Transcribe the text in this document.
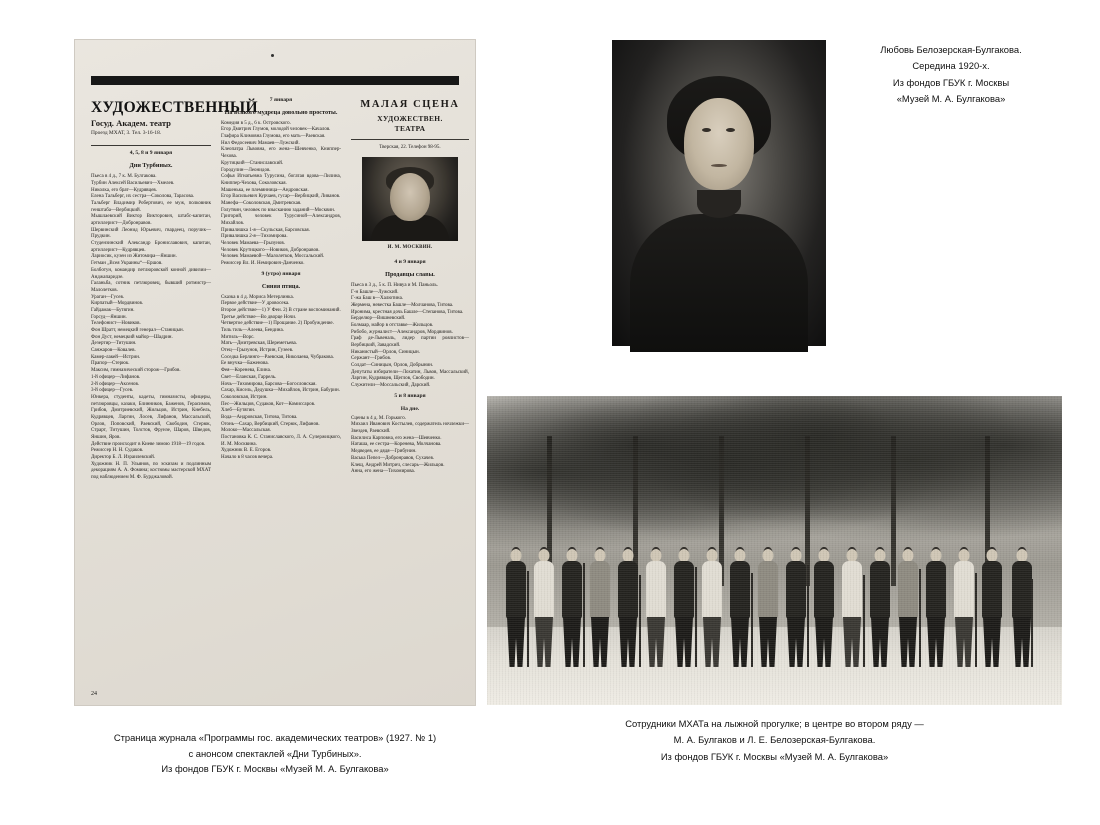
ХУДОЖЕСТВЕННЫЙ
Госуд. Академ. театр
Проезд МХАТ, 3. Тел. 3-16-18.
4, 5, 8 и 9 января
Дни Турбиных.
Пьеса в 4 д., 7 к. М. Булгакова.
Турбин Алексей Васильевич—Хмелев.
Николка, его брат—Кудрявцев.
Елена Тальберг, их сестра—Соколова, Тарасова.
Тальберг Владимир Робертович, ее муж, полковник генштаба—Вербицкий.
Мышлаевский Виктор Викторович, штабс-капитан, артиллерист—Добронравов.
Шервинский Леонид Юрьевич, гвардеец, поручик—Прудкин.
Студензинский Александр Брониславович, капитан, артиллерист—Кудрявцев.
Лариосик, кузен из Житомира—Яншин.
Гетман „Всея Украины“—Ершов.
Болботун, командир петлюровской конной дивизии—Анджапаридзе.
Галаньба, сотник петлюровец, бывший ротмистр—Малолетков.
Ураган—Гусев.
Кирпатый—Мордвинов.
Гайдамак—Бутягин.
Горсуд—Яншин.
Телефонист—Новиков.
Фон Шратт, немецкий генерал—Станицын.
Фон Дуст, немецкий майор—Шадрин.
Дезертир—Титушин.
Санжаров—Ковалев.
Камер-лакей—Истрин.
Прапор—Стерюк.
Максим, гимназический сторож—Грибов.
1-й офицер—Лифанов.
2-й офицер—Аксенов.
3-й офицер—Гусев.
Юнкера, студенты, кадеты, гимназисты, офицеры, петлюровцы, казаки, Блинников, Баженов, Герасимов, Грибов, Дмитриевский, Жильцов, Истрин, Кнебель, Кудрявцев, Ларгин, Лосев, Лифанов, Массальский, Орлов, Поповский, Раевский, Свободин, Стерюк, Страрт, Титушин, Толстов, Фрунзе, Шаров, Шведов, Яншин, Яров.
Действие происходит в Киеве зимою 1918—19 годов.
Режиссер Н. Н. Судаков.
Директор Б. Л. Израилевский.
Художник Н. П. Ульянов, по эскизам и подлинным декорациям А. А. Фомина; костюмы мастерской МХАТ под наблюдением М. Ф. Бурджаловой.
7 января
На всякого мудреца довольно простоты.
Комедия в 5 д., 6 к. Островского.
Егор Дмитрич Глумов, молодой человек—Качалов.
Глафира Климовна Глумова, его мать—Раевская.
Нил Федосеевич Мамаев—Лужский.
Клеопатра Львовна, его жена—Шевченко, Книппер-Чехова.
Крутицкий—Станиславский.
Городулин—Леонидов.
Софья Игнатьевна Турусина, богатая вдова—Лилина, Книппер-Чехова, Соколовская.
Машенька, ее племянница—Андровская.
Егор Васильевич Курчаев, гусар—Вербицкий, Ливанов.
Манефа—Соколовская, Дмитревская.
Голутвин, человек по взысканию заданий—Москвин.
Григорий, человек Турусиной—Александров, Михайлов.
Привалишка 1-я—Скульская, Барсовская.
Привалишка 2-я—Тихомирова.
Человек Мамаева—Грызунов.
Человек Крутицкого—Новиков, Добронравов.
Человек Мамаевой—Малолетков, Моссальский.
Режиссер Вл. И. Немирович-Данченко.
9 (утро) января
Синяя птица.
Сказка в 4 д. Мориса Метерлинка.
Первое действие—У дровосека.
Второе действие—1) У Феи. 2) В стране воспоминаний.
Третье действие—Во дворце Ночи.
Четвертое действие—1) Прощание. 2) Пробуждение.
Тиль тиль—Алеева, Бендина.
Митиль—Ворс.
Мать—Дмитревская, Шереметьева.
Отец—Грызунов, Истрин, Гузеев.
Соседка Берлинго—Раевская, Николаева, Чубракова.
Ее внучка—Баженова.
Фея—Коренева, Елина.
Свет—Еланская, Гаррель.
Ночь—Тихомирова, Барсова—Богословская.
Сахар, Кисель, Дедушка—Михайлов, Истрин, Бабурин.
Соколовская, Истрин.
Пес—Жильцов, Судаков, Кот—Комиссаров.
Хлеб—Бутягин.
Вода—Андровская, Титова, Титова.
Огонь—Сахар, Вербицкий, Стерюк, Лифанов.
Молоко—Массальская.
Постановка К. С. Станиславского, Л. А. Сулержицкого, И. М. Москвина.
Художник В. Е. Егоров.
Начало в 8 часов вечера.
МАЛАЯ СЦЕНА
ХУДОЖЕСТВЕН.
ТЕАТРА
Тверская, 22. Телефон 98-95.
И. М. МОСКВИН.
4 и 9 января
Продавцы славы.
Пьеса в 3 д., 5 к. П. Нивуа и М. Паньоль.
Г-н Башле—Лужский.
Г-жа Баш в—Халютина.
Жермена, невестка Башле—Молчанова, Титова.
Иронима, крестная дочь Башле—Степанова, Титова.
Берделюр—Вишневский.
Болмаар, майор в отставке—Жильцов.
Рибобо, журналист—Александров, Мордвинов.
Граф де-Львеналь, лидер партии роялистов—Вербицкий, Завадский.
Никанистый—Орлов, Синицын.
Сержант—Грибов.
Солдат—Синицын, Орлов, Добрынин.
Депутаты избиратели—Лохатин, Львов, Массальский, Ларгин, Кудрявцев, Щеглов, Свободин.
Служители—Моссальский, Дарский.
5 и 8 января
На дне.
Сцены в 4 д. М. Горького.
Михаил Иванович Костылев, содержатель ночлежки—Звездев, Раевский.
Василиса Карповна, его жена—Шевченко.
Наташа, ее сестра—Коренева, Молчанова.
Медведев, ее дядя—Грибунин.
Васька Пепел—Добронравов, Сухачев.
Клещ, Андрей Митрич, слесарь—Жильцов.
Анна, его жена—Тихомирова.
24
Страница журнала «Программы гос. академических театров» (1927. № 1)
с анонсом спектаклей «Дни Турбиных».
Из фондов ГБУК г. Москвы «Музей М. А. Булгакова»
Любовь Белозерская-Булгакова.
Середина 1920-х.
Из фондов ГБУК г. Москвы
«Музей М. А. Булгакова»
Сотрудники МХАТа на лыжной прогулке; в центре во втором ряду —
М. А. Булгаков и Л. Е. Белозерская-Булгакова.
Из фондов ГБУК г. Москвы «Музей М. А. Булгакова»
